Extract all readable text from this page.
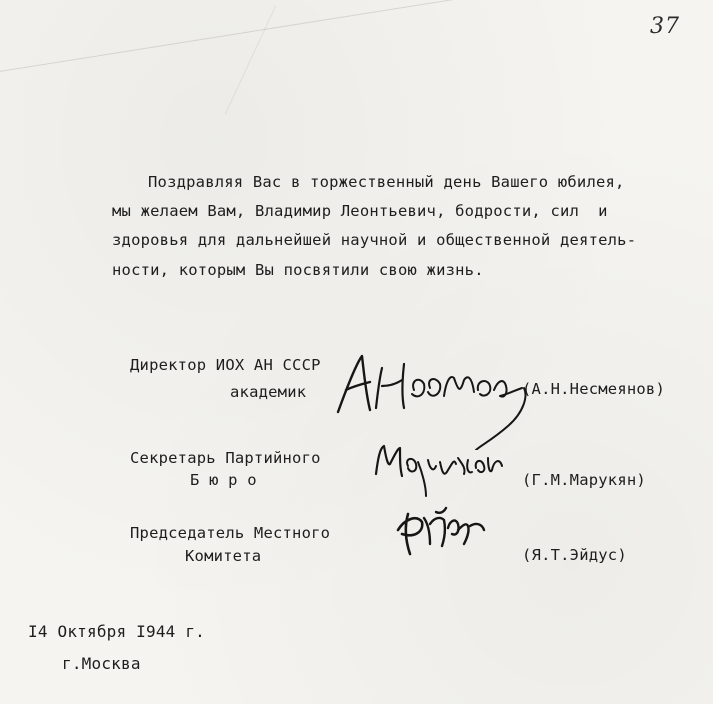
37
Поздравляя Вас в торжественный день Вашего юбилея,
мы желаем Вам, Владимир Леонтьевич, бодрости, сил  и
здоровья для дальнейшей научной и общественной деятель-
ности, которым Вы посвятили свою жизнь.
Директор ИОХ АН СССР
академик	(А.Н.Несмеянов)
Секретарь Партийного
Б ю р о	(Г.М.Марукян)
Председатель Местного
Комитета	(Я.Т.Эйдус)
I4 Октября I944 г.
г.Москва
